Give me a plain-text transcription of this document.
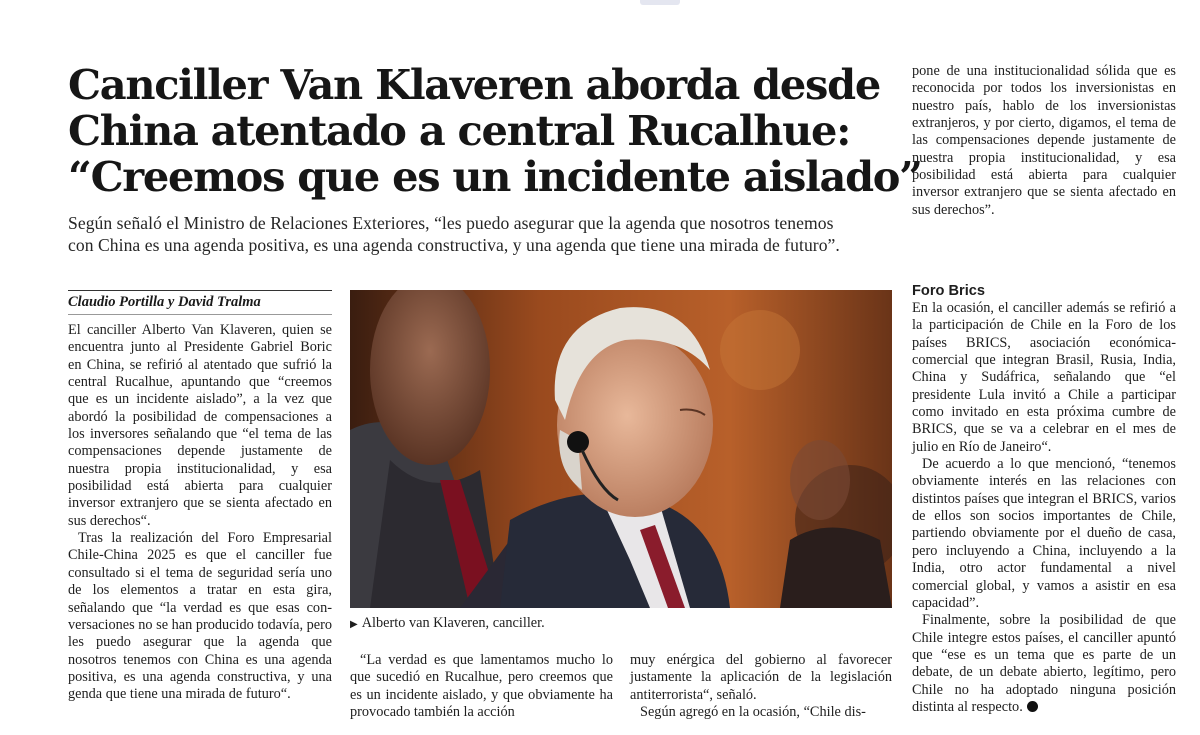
Canciller Van Klaveren aborda desde
China atentado a central Rucalhue:
“Creemos que es un incidente aislado”

Según señaló el Ministro de Relaciones Exteriores, “les puedo asegurar que la agenda que nosotros tenemos
con China es una agenda positiva, es una agenda constructiva, y una agenda que tiene una mirada de futuro”.

Claudio Portilla y David Tralma

El canciller Alberto Van Klaveren, quien se encuentra junto al Presidente Gabriel Boric en China, se refirió al atentado que sufrió la central Rucalhue, apuntando que “creemos que es un incidente aislado”, a la vez que abordó la posibilidad de compensaciones a los inversores señalando que “el tema de las compensaciones depende justamente de nuestra propia institucionalidad, y esa posibilidad está abierta para cualquier inversor extranjero que se sienta afectado en sus derechos“.

Tras la realización del Foro Empresarial Chile-China 2025 es que el canciller fue consultado si el tema de seguridad sería uno de los elementos a tratar en esta gira, señalando que “la verdad es que esas conversaciones no se han producido todavía, pero les puedo asegurar que la agenda que nosotros tenemos con China es una agenda positiva, es una agenda constructiva, y una genda que tiene una mirada de futuro“.

▶ Alberto van Klaveren, canciller.

“La verdad es que lamentamos mucho lo que sucedió en Rucalhue, pero creemos que es un incidente aislado, y que obviamente ha provocado también la acción

muy enérgica del gobierno al favorecer justamente la aplicación de la legislación antiterrorista“, señaló.

Según agregó en la ocasión, “Chile dis-

pone de una institucionalidad sólida que es reconocida por todos los inversionistas en nuestro país, hablo de los inversionistas extranjeros, y por cierto, digamos, el tema de las compensaciones depende justamente de nuestra propia institucionalidad, y esa posibilidad está abierta para cualquier inversor extranjero que se sienta afectado en sus derechos”.

Foro Brics

En la ocasión, el canciller además se refirió a la participación de Chile en la Foro de los países BRICS, asociación económica-comercial que integran Brasil, Rusia, India, China y Sudáfrica, señalando que “el presidente Lula invitó a Chile a participar como invitado en esta próxima cumbre de BRICS, que se va a celebrar en el mes de julio en Río de Janeiro“.

De acuerdo a lo que mencionó, “tenemos obviamente interés en las relaciones con distintos países que integran el BRICS, varios de ellos son socios importantes de Chile, partiendo obviamente por el dueño de casa, pero incluyendo a China, incluyendo a la India, otro actor fundamental a nivel comercial global, y vamos a asistir en esa capacidad”.

Finalmente, sobre la posibilidad de que Chile integre estos países, el canciller apuntó que “ese es un tema que es parte de un debate, de un debate abierto, legítimo, pero Chile no ha adoptado ninguna posición distinta al respecto.
